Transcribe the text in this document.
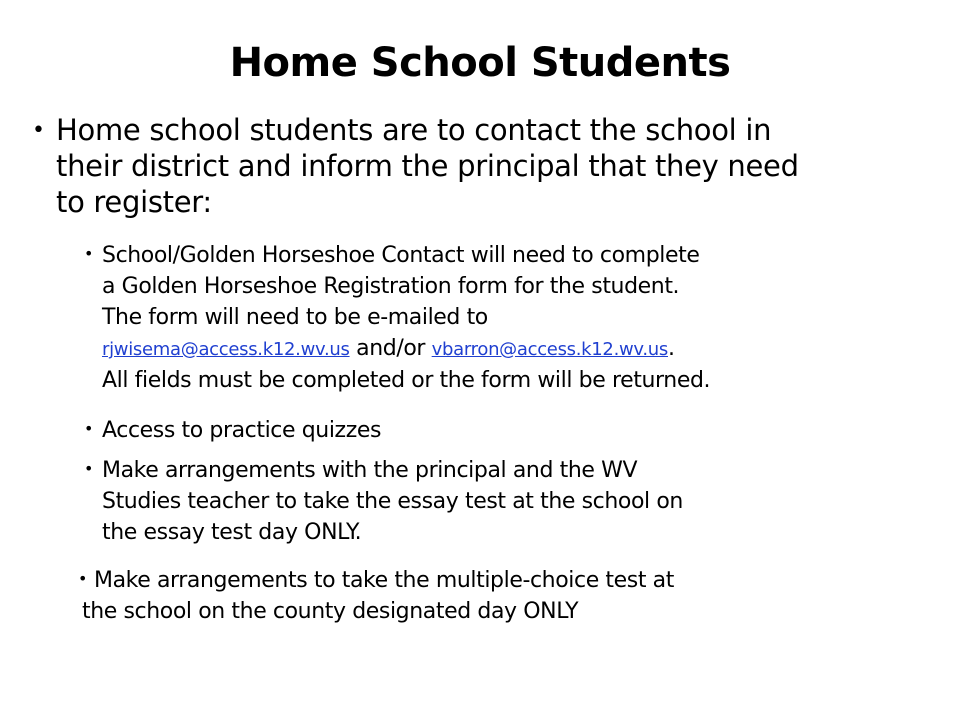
Home School Students
• Home school students are to contact the school in
their district and inform the principal that they need
to register:
• School/Golden Horseshoe Contact will need to complete
a Golden Horseshoe Registration form for the student.
The form will need to be e-mailed to
rjwisema@access.k12.wv.us and/or vbarron@access.k12.wv.us.
All fields must be completed or the form will be returned.
• Access to practice quizzes
• Make arrangements with the principal and the WV
Studies teacher to take the essay test at the school on
the essay test day ONLY.
• Make arrangements to take the multiple-choice test at
the school on the county designated day ONLY
